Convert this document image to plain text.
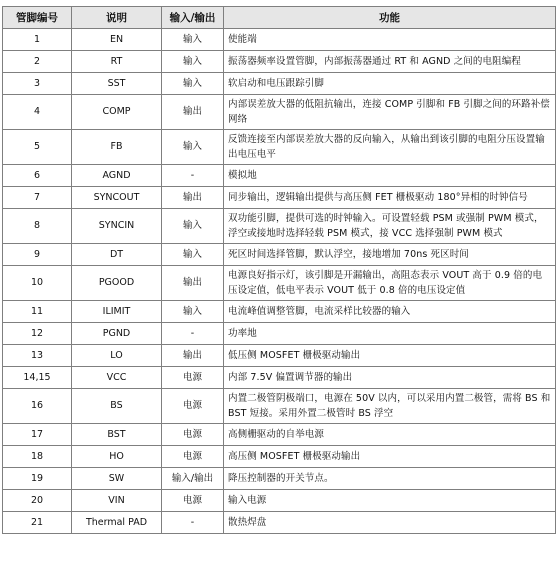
管脚编号	说明	输入/输出	功能
1	EN	输入	使能端
2	RT	输入	振荡器频率设置管脚，内部振荡器通过 RT 和 AGND 之间的电阻编程
3	SST	输入	软启动和电压跟踪引脚
4	COMP	输出	内部误差放大器的低阻抗输出，连接 COMP 引脚和 FB 引脚之间的环路补偿网络
5	FB	输入	反馈连接至内部误差放大器的反向输入，从输出到该引脚的电阻分压设置输出电压电平
6	AGND	-	模拟地
7	SYNCOUT	输出	同步输出，逻辑输出提供与高压侧 FET 栅极驱动 180°异相的时钟信号
8	SYNCIN	输入	双功能引脚，提供可选的时钟输入。可设置轻载 PSM 或强制 PWM 模式，浮空或接地时选择轻载 PSM 模式，接 VCC 选择强制 PWM 模式
9	DT	输入	死区时间选择管脚，默认浮空，接地增加 70ns 死区时间
10	PGOOD	输出	电源良好指示灯，该引脚是开漏输出，高阻态表示 VOUT 高于 0.9 倍的电压设定值，低电平表示 VOUT 低于 0.8 倍的电压设定值
11	ILIMIT	输入	电流峰值调整管脚，电流采样比较器的输入
12	PGND	-	功率地
13	LO	输出	低压侧 MOSFET 栅极驱动输出
14,15	VCC	电源	内部 7.5V 偏置调节器的输出
16	BS	电源	内置二极管阴极端口，电源在 50V 以内，可以采用内置二极管，需将 BS 和 BST 短接。采用外置二极管时 BS 浮空
17	BST	电源	高侧栅驱动的自举电源
18	HO	电源	高压侧 MOSFET 栅极驱动输出
19	SW	输入/输出	降压控制器的开关节点。
20	VIN	电源	输入电源
21	Thermal PAD	-	散热焊盘
